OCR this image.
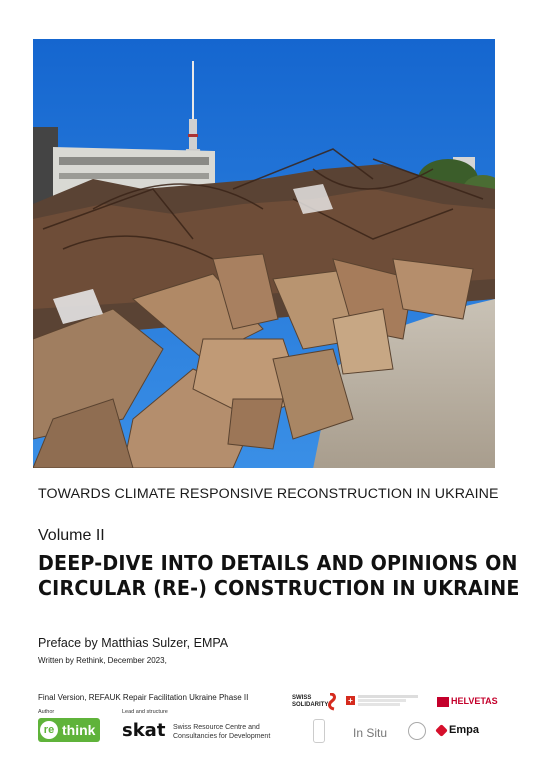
TOWARDS CLIMATE RESPONSIVE RECONSTRUCTION IN UKRAINE
Volume II
DEEP-DIVE INTO DETAILS AND OPINIONS ON
CIRCULAR (RE-) CONSTRUCTION IN UKRAINE
Preface by Matthias Sulzer, EMPA
Written by Rethink, December 2023,
Final Version, REFAUK Repair Facilitation Ukraine Phase II
Author	Lead and structure
re think skat Swiss Resource Centre and
Consultancies for Development
SWISS
SOLIDARITY +	HELVETAS
In Situ	Empa
